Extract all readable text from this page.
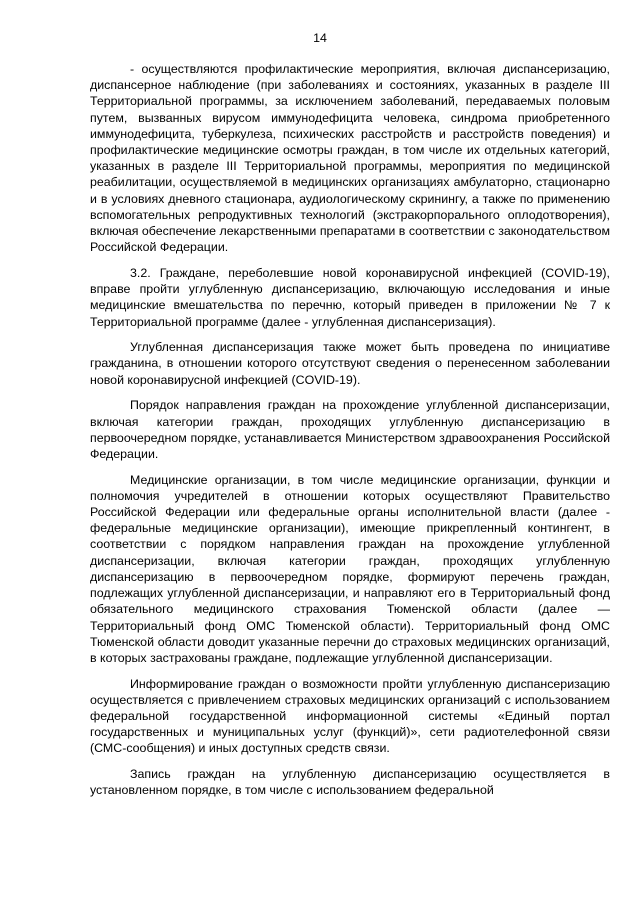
14

- осуществляются профилактические мероприятия, включая диспансеризацию, диспансерное наблюдение (при заболеваниях и состояниях, указанных в разделе III Территориальной программы, за исключением заболеваний, передаваемых половым путем, вызванных вирусом иммунодефицита человека, синдрома приобретенного иммунодефицита, туберкулеза, психических расстройств и расстройств поведения) и профилактические медицинские осмотры граждан, в том числе их отдельных категорий, указанных в разделе III Территориальной программы, мероприятия по медицинской реабилитации, осуществляемой в медицинских организациях амбулаторно, стационарно и в условиях дневного стационара, аудиологическому скринингу, а также по применению вспомогательных репродуктивных технологий (экстракорпорального оплодотворения), включая обеспечение лекарственными препаратами в соответствии с законодательством Российской Федерации.

3.2. Граждане, переболевшие новой коронавирусной инфекцией (COVID-19), вправе пройти углубленную диспансеризацию, включающую исследования и иные медицинские вмешательства по перечню, который приведен в приложении № 7 к Территориальной программе (далее - углубленная диспансеризация).

Углубленная диспансеризация также может быть проведена по инициативе гражданина, в отношении которого отсутствуют сведения о перенесенном заболевании новой коронавирусной инфекцией (COVID-19).

Порядок направления граждан на прохождение углубленной диспансеризации, включая категории граждан, проходящих углубленную диспансеризацию в первоочередном порядке, устанавливается Министерством здравоохранения Российской Федерации.

Медицинские организации, в том числе медицинские организации, функции и полномочия учредителей в отношении которых осуществляют Правительство Российской Федерации или федеральные органы исполнительной власти (далее - федеральные медицинские организации), имеющие прикрепленный контингент, в соответствии с порядком направления граждан на прохождение углубленной диспансеризации, включая категории граждан, проходящих углубленную диспансеризацию в первоочередном порядке, формируют перечень граждан, подлежащих углубленной диспансеризации, и направляют его в Территориальный фонд обязательного медицинского страхования Тюменской области (далее — Территориальный фонд ОМС Тюменской области). Территориальный фонд ОМС Тюменской области доводит указанные перечни до страховых медицинских организаций, в которых застрахованы граждане, подлежащие углубленной диспансеризации.

Информирование граждан о возможности пройти углубленную диспансеризацию осуществляется с привлечением страховых медицинских организаций с использованием федеральной государственной информационной системы «Единый портал государственных и муниципальных услуг (функций)», сети радиотелефонной связи (СМС-сообщения) и иных доступных средств связи.

Запись граждан на углубленную диспансеризацию осуществляется в установленном порядке, в том числе с использованием федеральной
